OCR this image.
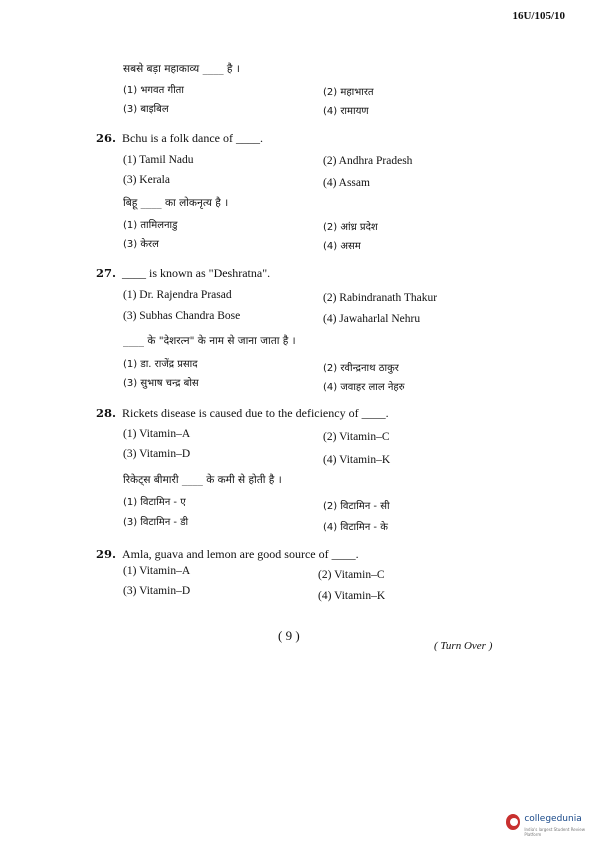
16U/105/10
सबसे बड़ा महाकाव्य ____ है ।
(1) भगवत गीता	(2) महाभारत
(3) बाइबिल	(4) रामायण
26. Bchu is a folk dance of ____.
(1) Tamil Nadu	(2) Andhra Pradesh
(3) Kerala	(4) Assam
बिहू ____ का लोकनृत्य है ।
(1) तामिलनाडु	(2) आंध्र प्रदेश
(3) केरल	(4) असम
27. ____ is known as "Deshratna".
(1) Dr. Rajendra Prasad	(2) Rabindranath Thakur
(3) Subhas Chandra Bose	(4) Jawaharlal Nehru
____ के "देशरत्न" के नाम से जाना जाता है ।
(1) डा. राजेंद्र प्रसाद	(2) रवीन्द्रनाथ ठाकुर
(3) सुभाष चन्द्र बोस	(4) जवाहर लाल नेहरु
28. Rickets disease is caused due to the deficiency of ____.
(1) Vitamin–A	(2) Vitamin–C
(3) Vitamin–D	(4) Vitamin–K
रिकेट्स बीमारी ____ के कमी से होती है ।
(1) विटामिन - ए	(2) विटामिन - सी
(3) विटामिन - डी	(4) विटामिन - के
29. Amla, guava and lemon are good source of ____.
(1) Vitamin–A	(2) Vitamin–C
(3) Vitamin–D	(4) Vitamin–K
( 9 )
( Turn Over )
collegedunia
India's largest Student Review Platform
